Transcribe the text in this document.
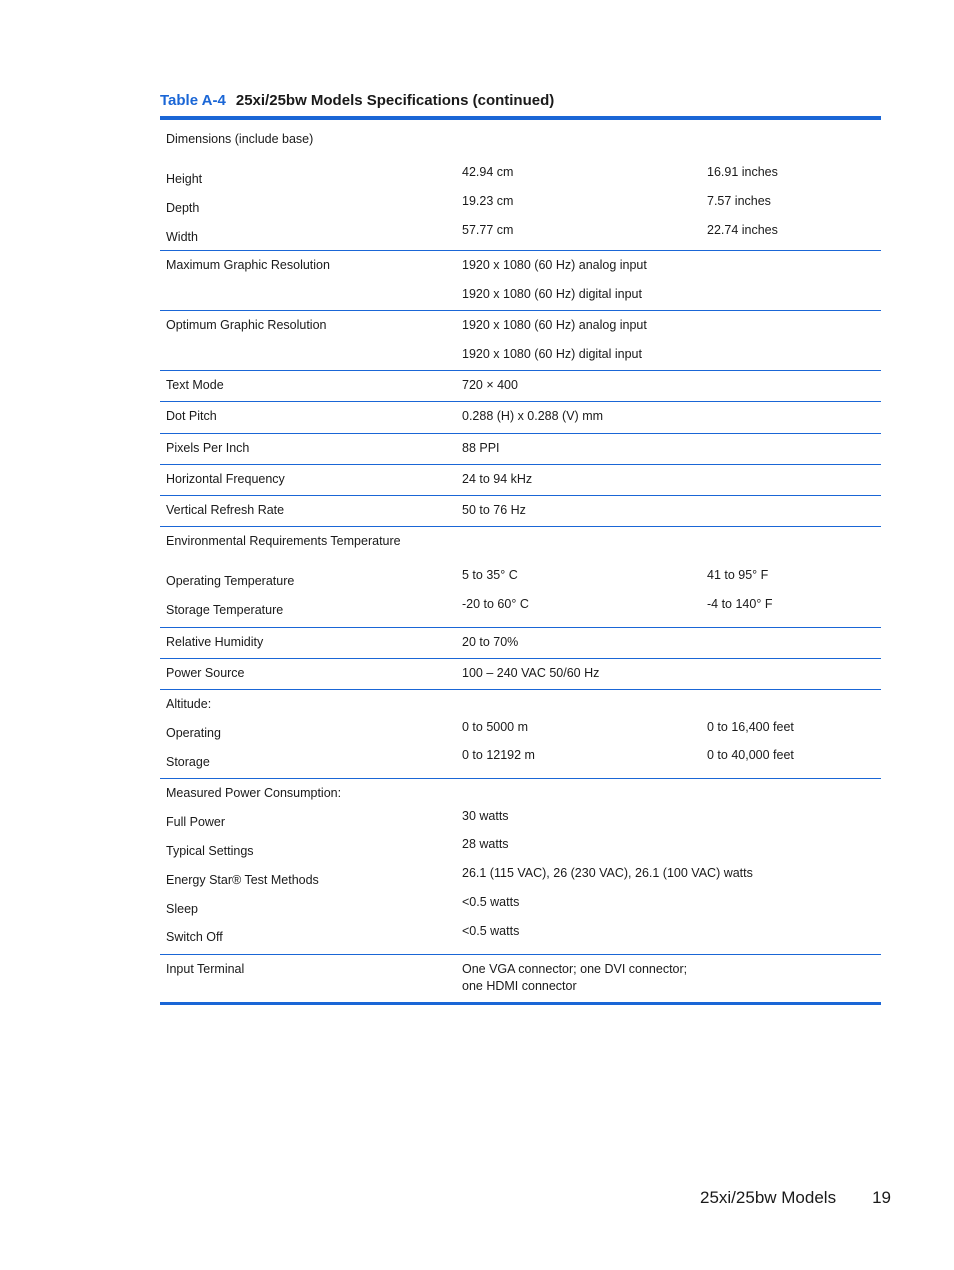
Table A-4 25xi/25bw Models Specifications (continued)
Dimensions (include base)
Height	42.94 cm	16.91 inches
Depth	19.23 cm	7.57 inches
Width	57.77 cm	22.74 inches
Maximum Graphic Resolution	1920 x 1080 (60 Hz) analog input
1920 x 1080 (60 Hz) digital input
Optimum Graphic Resolution	1920 x 1080 (60 Hz) analog input
1920 x 1080 (60 Hz) digital input
Text Mode	720 × 400
Dot Pitch	0.288 (H) x 0.288 (V) mm
Pixels Per Inch	88 PPI
Horizontal Frequency	24 to 94 kHz
Vertical Refresh Rate	50 to 76 Hz
Environmental Requirements Temperature
Operating Temperature	5 to 35° C	41 to 95° F
Storage Temperature	-20 to 60° C	-4 to 140° F
Relative Humidity	20 to 70%
Power Source	100 – 240 VAC 50/60 Hz
Altitude:
Operating	0 to 5000 m	0 to 16,400 feet
Storage	0 to 12192 m	0 to 40,000 feet
Measured Power Consumption:
Full Power	30 watts
Typical Settings	28 watts
Energy Star® Test Methods	26.1 (115 VAC), 26 (230 VAC), 26.1 (100 VAC) watts
Sleep	<0.5 watts
Switch Off	<0.5 watts
Input Terminal	One VGA connector; one DVI connector;
one HDMI connector
25xi/25bw Models 19
